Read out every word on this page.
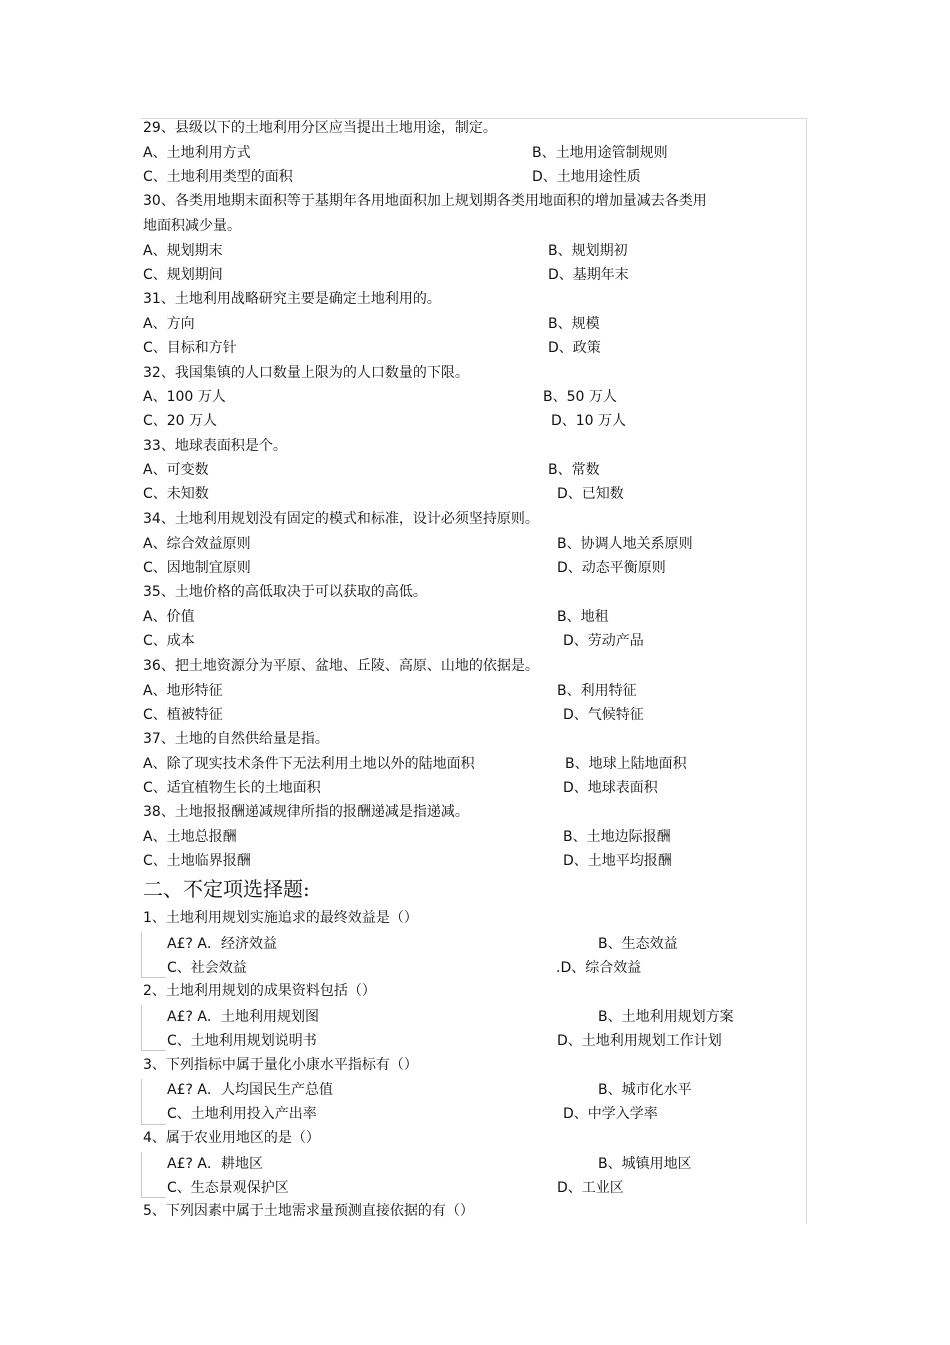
29、县级以下的土地利用分区应当提出土地用途，制定。
A、土地利用方式	B、土地用途管制规则
C、土地利用类型的面积	D、土地用途性质
30、各类用地期末面积等于基期年各用地面积加上规划期各类用地面积的增加量减去各类用
地面积减少量。
A、规划期末	B、规划期初
C、规划期间	D、基期年末
31、土地利用战略研究主要是确定土地利用的。
A、方向	B、规模
C、目标和方针	D、政策
32、我国集镇的人口数量上限为的人口数量的下限。
A、100 万人	B、50 万人
C、20 万人	D、10 万人
33、地球表面积是个。
A、可变数	B、常数
C、未知数	D、已知数
34、土地利用规划没有固定的模式和标准，设计必须坚持原则。
A、综合效益原则	B、协调人地关系原则
C、因地制宜原则	D、动态平衡原则
35、土地价格的高低取决于可以获取的高低。
A、价值	B、地租
C、成本	D、劳动产品
36、把土地资源分为平原、盆地、丘陵、高原、山地的依据是。
A、地形特征	B、利用特征
C、植被特征	D、气候特征
37、土地的自然供给量是指。
A、除了现实技术条件下无法利用土地以外的陆地面积	B、地球上陆地面积
C、适宜植物生长的土地面积	D、地球表面积
38、土地报报酬递减规律所指的报酬递减是指递减。
A、土地总报酬	B、土地边际报酬
C、土地临界报酬	D、土地平均报酬
二、不定项选择题:
1、土地利用规划实施追求的最终效益是（）
A£? A．经济效益	B、生态效益
C、社会效益	.D、综合效益
2、土地利用规划的成果资料包括（）
A£? A．土地利用规划图	B、土地利用规划方案
C、土地利用规划说明书	D、土地利用规划工作计划
3、下列指标中属于量化小康水平指标有（）
A£? A．人均国民生产总值	B、城市化水平
C、土地利用投入产出率	D、中学入学率
4、属于农业用地区的是（）
A£? A．耕地区	B、城镇用地区
C、生态景观保护区	D、工业区
5、下列因素中属于土地需求量预测直接依据的有（）
